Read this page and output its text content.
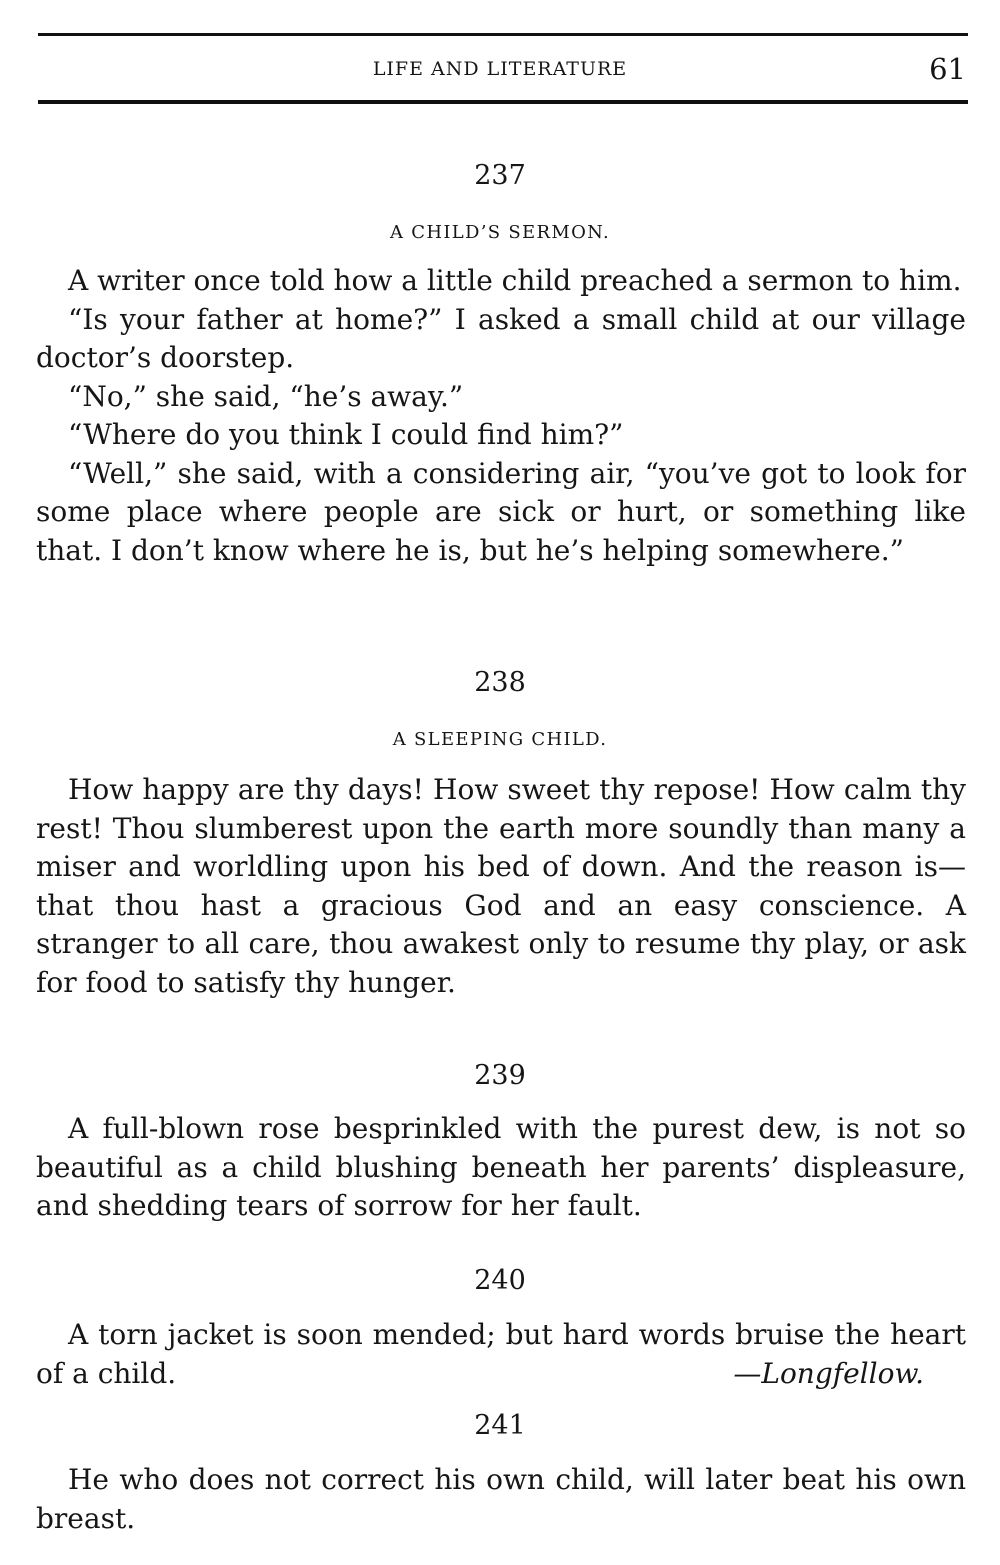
LIFE AND LITERATURE	61
237
A CHILD’S SERMON.

A writer once told how a little child preached a sermon to him.

“Is your father at home?” I asked a small child at our village doctor’s doorstep.

“No,” she said, “he’s away.”

“Where do you think I could find him?”

“Well,” she said, with a considering air, “you’ve got to look for some place where people are sick or hurt, or something like that. I don’t know where he is, but he’s helping somewhere.”

238
A SLEEPING CHILD.

How happy are thy days! How sweet thy repose! How calm thy rest! Thou slumberest upon the earth more soundly than many a miser and worldling upon his bed of down. And the reason is—that thou hast a gracious God and an easy conscience. A stranger to all care, thou awakest only to resume thy play, or ask for food to satisfy thy hunger.

239

A full-blown rose besprinkled with the purest dew, is not so beautiful as a child blushing beneath her parents’ displeasure, and shedding tears of sorrow for her fault.

240

A torn jacket is soon mended; but hard words bruise the heart of a child.	—Longfellow.

241

He who does not correct his own child, will later beat his own breast.
